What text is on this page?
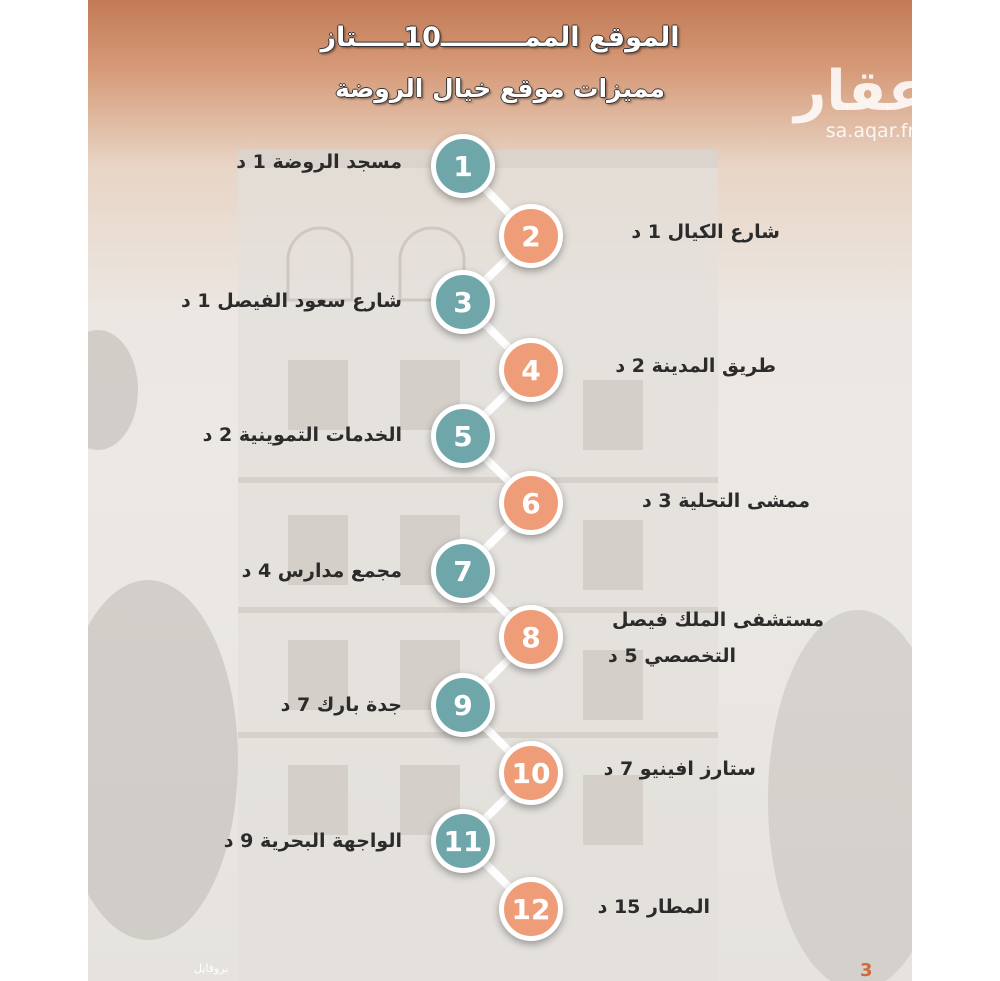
الموقع الممـــــــــ10ـــــتاز
مميزات موقع خيال الروضة
بروفايل
عقار
sa.aqar.fm
1
2
3
4
5
6
7
8
9
10
11
12
مسجد الروضة 1 د
شارع الكيال 1 د
شارع سعود الفيصل 1 د
طريق المدينة 2 د
الخدمات التموينية 2 د
ممشى التحلية 3 د
مجمع مدارس 4 د
مستشفى الملك فيصل
التخصصي 5 د
جدة بارك 7 د
ستارز افينيو 7 د
الواجهة البحرية 9 د
المطار 15 د
3
